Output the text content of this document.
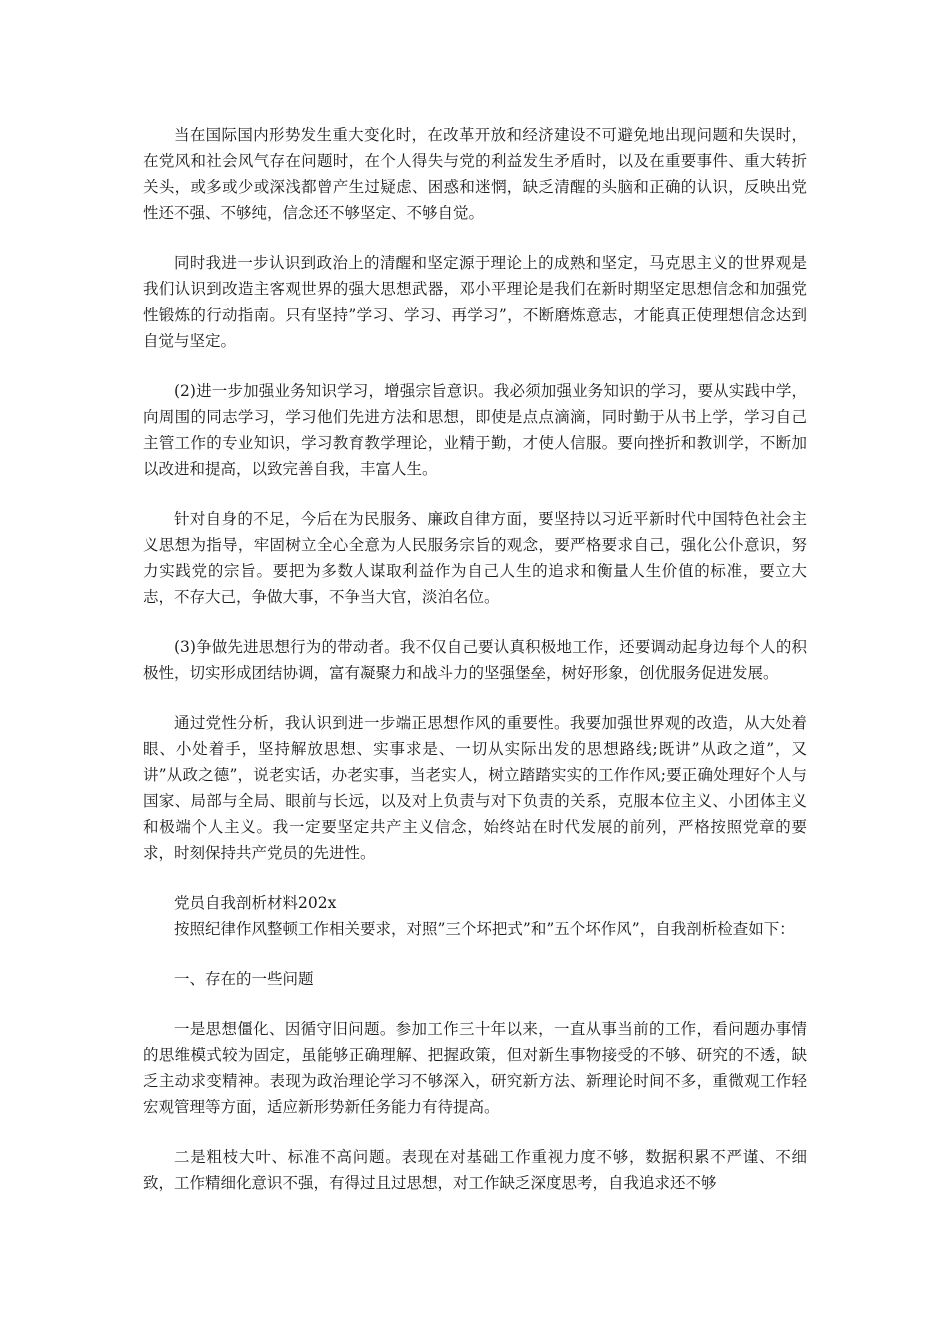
当在国际国内形势发生重大变化时，在改革开放和经济建设不可避免地出现问题和失误时，在党风和社会风气存在问题时，在个人得失与党的利益发生矛盾时，以及在重要事件、重大转折关头，或多或少或深浅都曾产生过疑虑、困惑和迷惘，缺乏清醒的头脑和正确的认识，反映出党性还不强、不够纯，信念还不够坚定、不够自觉。

同时我进一步认识到政治上的清醒和坚定源于理论上的成熟和坚定，马克思主义的世界观是我们认识到改造主客观世界的强大思想武器，邓小平理论是我们在新时期坚定思想信念和加强党性锻炼的行动指南。只有坚持”学习、学习、再学习”，不断磨炼意志，才能真正使理想信念达到自觉与坚定。

(2)进一步加强业务知识学习，增强宗旨意识。我必须加强业务知识的学习，要从实践中学，向周围的同志学习，学习他们先进方法和思想，即使是点点滴滴，同时勤于从书上学，学习自己主管工作的专业知识，学习教育教学理论，业精于勤，才使人信服。要向挫折和教训学，不断加以改进和提高，以致完善自我，丰富人生。

针对自身的不足，今后在为民服务、廉政自律方面，要坚持以习近平新时代中国特色社会主义思想为指导，牢固树立全心全意为人民服务宗旨的观念，要严格要求自己，强化公仆意识，努力实践党的宗旨。要把为多数人谋取利益作为自己人生的追求和衡量人生价值的标准，要立大志，不存大己，争做大事，不争当大官，淡泊名位。

(3)争做先进思想行为的带动者。我不仅自己要认真积极地工作，还要调动起身边每个人的积极性，切实形成团结协调，富有凝聚力和战斗力的坚强堡垒，树好形象，创优服务促进发展。

通过党性分析，我认识到进一步端正思想作风的重要性。我要加强世界观的改造，从大处着眼、小处着手，坚持解放思想、实事求是、一切从实际出发的思想路线;既讲”从政之道”，又讲”从政之德”，说老实话，办老实事，当老实人，树立踏踏实实的工作作风;要正确处理好个人与国家、局部与全局、眼前与长远，以及对上负责与对下负责的关系，克服本位主义、小团体主义和极端个人主义。我一定要坚定共产主义信念，始终站在时代发展的前列，严格按照党章的要求，时刻保持共产党员的先进性。

党员自我剖析材料202x

按照纪律作风整顿工作相关要求，对照”三个坏把式”和”五个坏作风”，自我剖析检查如下：

一、存在的一些问题

一是思想僵化、因循守旧问题。参加工作三十年以来，一直从事当前的工作，看问题办事情的思维模式较为固定，虽能够正确理解、把握政策，但对新生事物接受的不够、研究的不透，缺乏主动求变精神。表现为政治理论学习不够深入，研究新方法、新理论时间不多，重微观工作轻宏观管理等方面，适应新形势新任务能力有待提高。

二是粗枝大叶、标准不高问题。表现在对基础工作重视力度不够，数据积累不严谨、不细致，工作精细化意识不强，有得过且过思想，对工作缺乏深度思考，自我追求还不够
